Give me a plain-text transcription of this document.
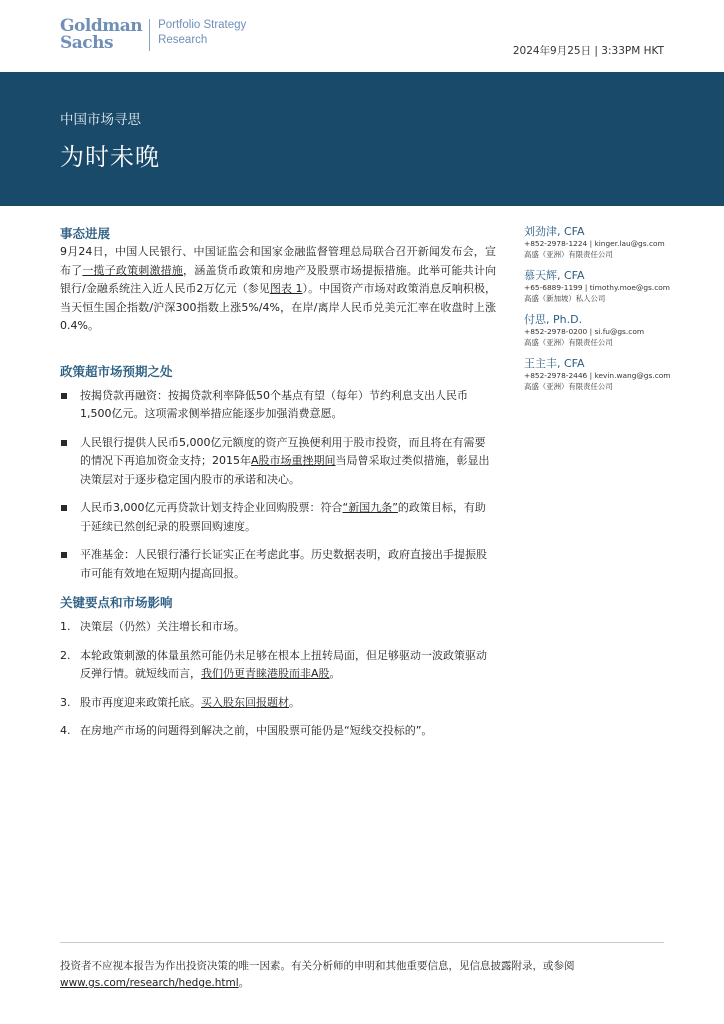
Goldman
Sachs
Portfolio Strategy
Research
2024年9月25日 | 3:33PM HKT
中国市场寻思
为时未晚
事态进展

9月24日，中国人民银行、中国证监会和国家金融监督管理总局联合召开新闻发布会，宣布了一揽子政策刺激措施，涵盖货币政策和房地产及股票市场提振措施。此举可能共计向银行/金融系统注入近人民币2万亿元（参见图表 1）。中国资产市场对政策消息反响积极，当天恒生国企指数/沪深300指数上涨5%/4%，在岸/离岸人民币兑美元汇率在收盘时上涨0.4%。

政策超市场预期之处
按揭贷款再融资：按揭贷款利率降低50个基点有望（每年）节约利息支出人民币1,500亿元。这项需求侧举措应能逐步加强消费意愿。
人民银行提供人民币5,000亿元额度的资产互换便利用于股市投资，而且将在有需要的情况下再追加资金支持；2015年A股市场重挫期间当局曾采取过类似措施，彰显出决策层对于逐步稳定国内股市的承诺和决心。
人民币3,000亿元再贷款计划支持企业回购股票：符合“新国九条”的政策目标，有助于延续已然创纪录的股票回购速度。
平准基金：人民银行潘行长证实正在考虑此事。历史数据表明，政府直接出手提振股市可能有效地在短期内提高回报。
关键要点和市场影响
1. 决策层（仍然）关注增长和市场。
2. 本轮政策刺激的体量虽然可能仍未足够在根本上扭转局面，但足够驱动一波政策驱动反弹行情。就短线而言，我们仍更青睐港股而非A股。
3. 股市再度迎来政策托底。买入股东回报题材。
4. 在房地产市场的问题得到解决之前，中国股票可能仍是“短线交投标的”。
刘劲津, CFA
+852-2978-1224 | kinger.lau@gs.com
高盛（亚洲）有限责任公司
慕天辉, CFA
+65-6889-1199 | timothy.moe@gs.com
高盛（新加坡）私人公司
付思, Ph.D.
+852-2978-0200 | si.fu@gs.com
高盛（亚洲）有限责任公司
王主丰, CFA
+852-2978-2446 | kevin.wang@gs.com
高盛（亚洲）有限责任公司
投资者不应视本报告为作出投资决策的唯一因素。有关分析师的申明和其他重要信息，见信息披露附录，或参阅www.gs.com/research/hedge.html。
